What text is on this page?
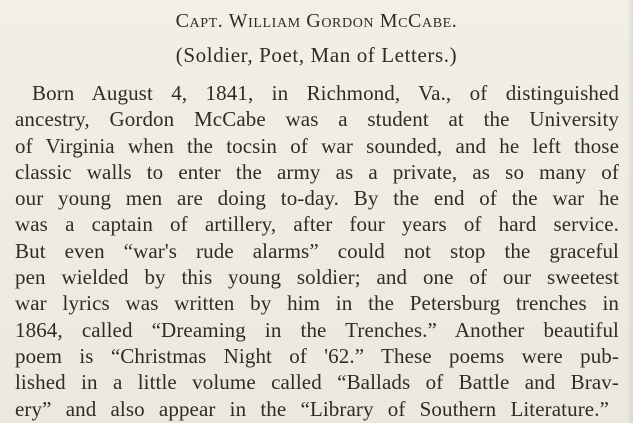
Capt. William Gordon McCabe.
(Soldier, Poet, Man of Letters.)
Born August 4, 1841, in Richmond, Va., of distinguished
ancestry, Gordon McCabe was a student at the University
of Virginia when the tocsin of war sounded, and he left those
classic walls to enter the army as a private, as so many of
our young men are doing to-day. By the end of the war he
was a captain of artillery, after four years of hard service.
But even “war's rude alarms” could not stop the graceful
pen wielded by this young soldier; and one of our sweetest
war lyrics was written by him in the Petersburg trenches in
1864, called “Dreaming in the Trenches.” Another beautiful
poem is “Christmas Night of '62.” These poems were pub-
lished in a little volume called “Ballads of Battle and Brav-
ery” and also appear in the “Library of Southern Literature.”
